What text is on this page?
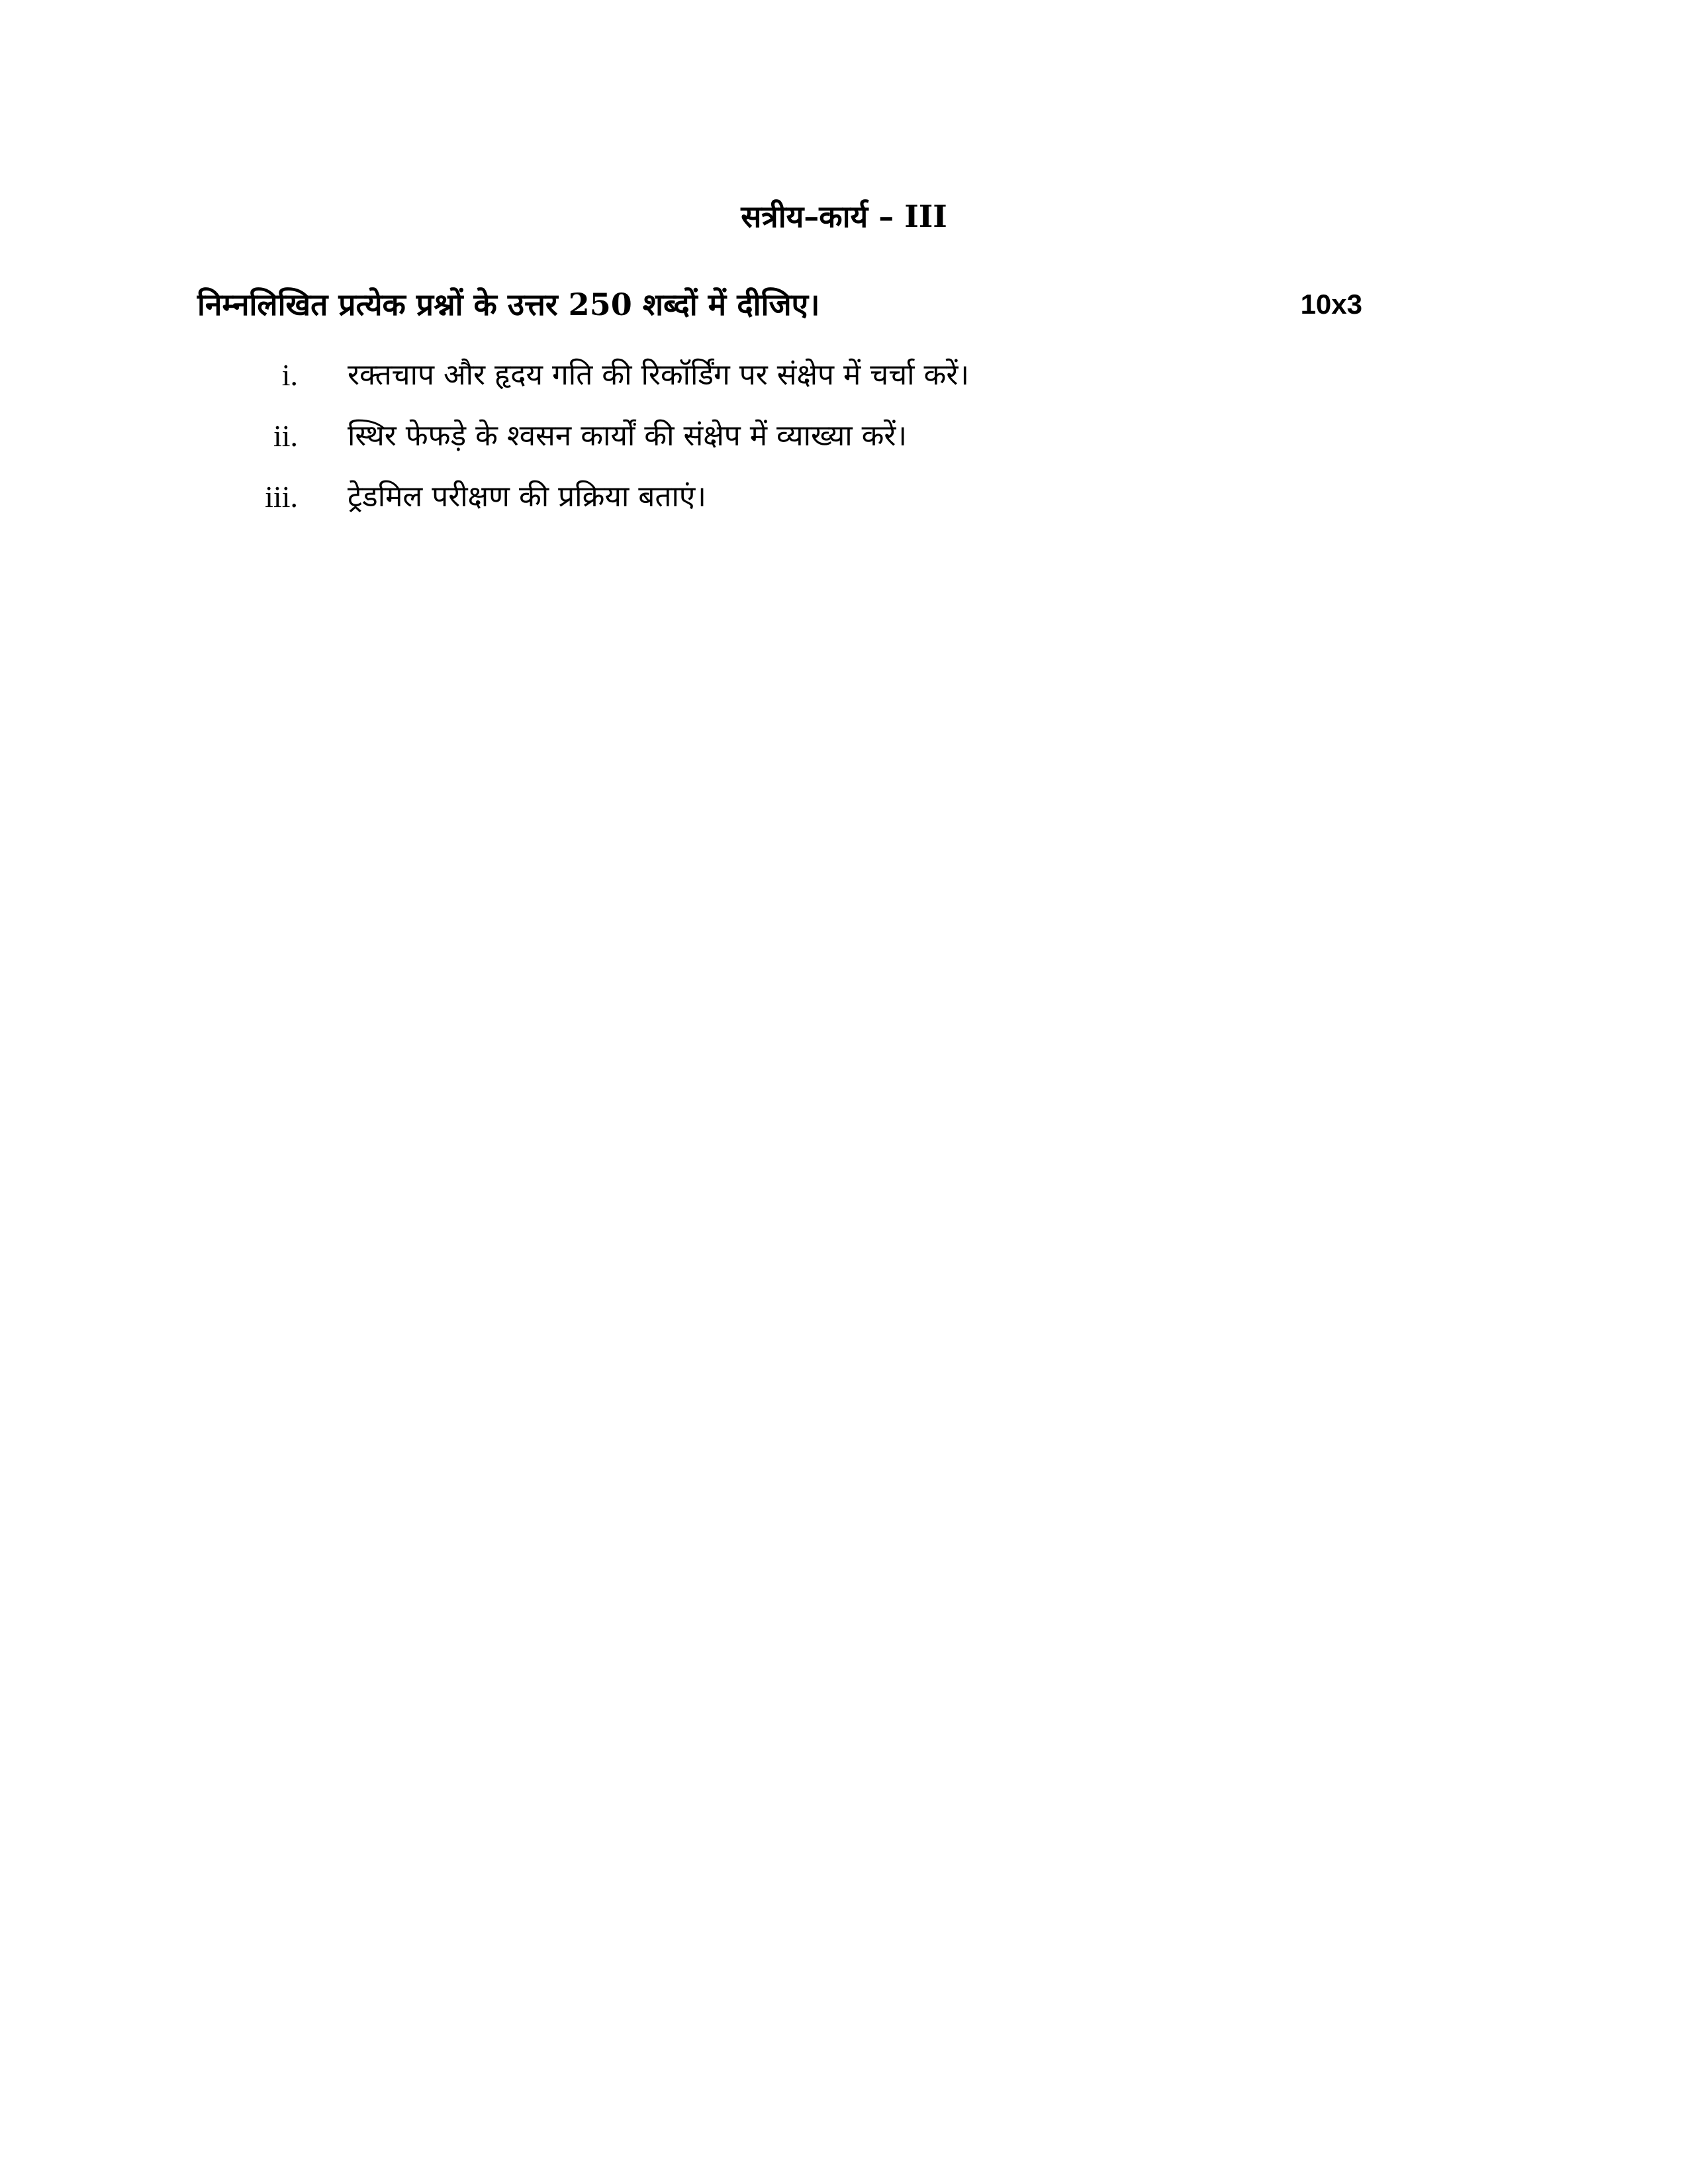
सत्रीय–कार्य – III
निम्नलिखित प्रत्येक प्रश्नों के उत्तर 250 शब्दों में दीजिए।	10x3
i. रक्तचाप और हृदय गति की रिकॉर्डिंग पर संक्षेप में चर्चा करें।
ii. स्थिर फेफड़े के श्वसन कार्यों की संक्षेप में व्याख्या करें।
iii. ट्रेडमिल परीक्षण की प्रक्रिया बताएं।
